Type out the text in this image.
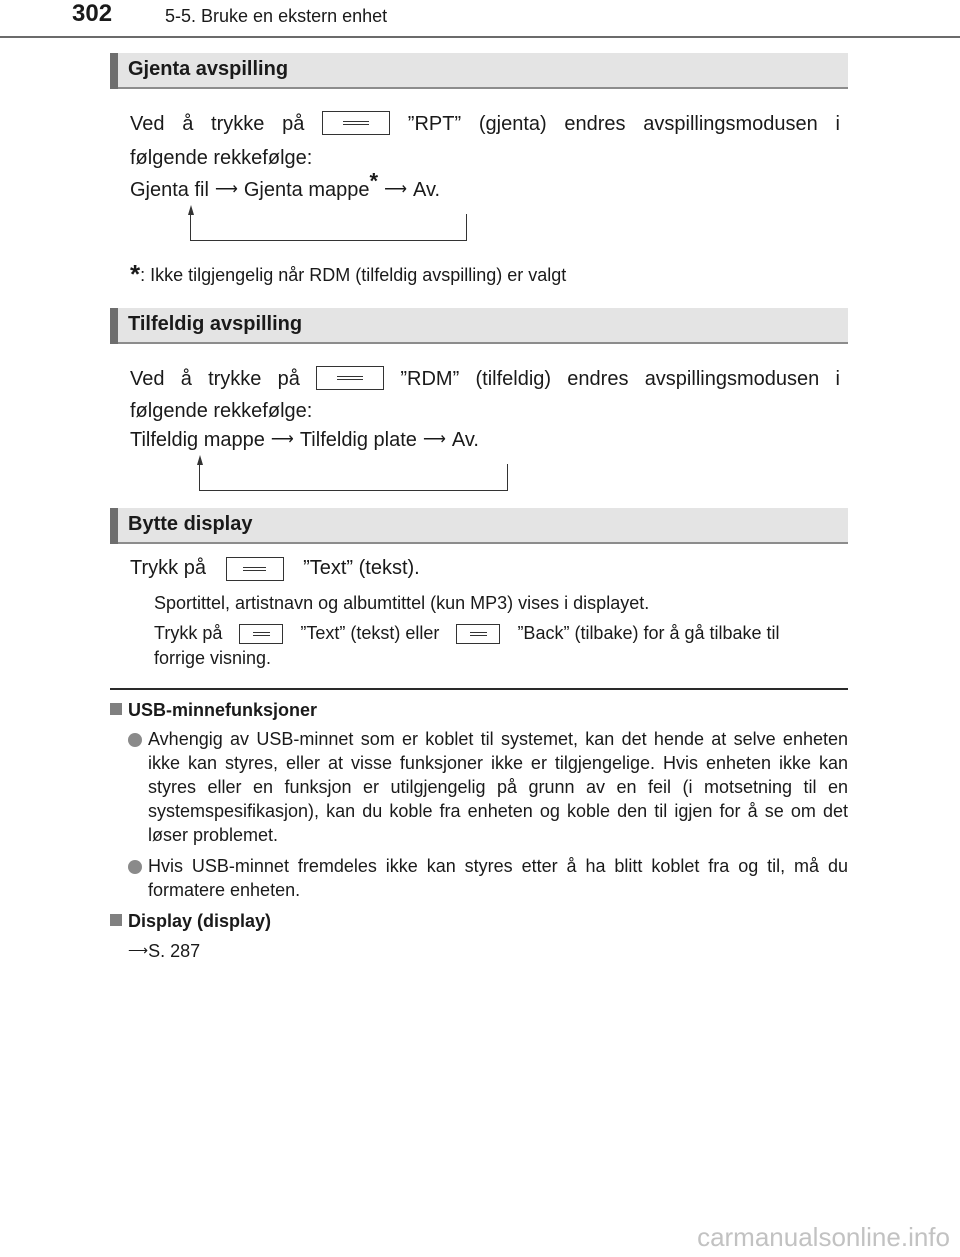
302	5-5. Bruke en ekstern enhet
Gjenta avspilling
Ved å trykke på	”RPT” (gjenta) endres avspillingsmodusen i
følgende rekkefølge:
Gjenta fil ⟶ Gjenta mappe* ⟶ Av.
*: Ikke tilgjengelig når RDM (tilfeldig avspilling) er valgt
Tilfeldig avspilling
Ved å trykke på	”RDM” (tilfeldig) endres avspillingsmodusen i
følgende rekkefølge:
Tilfeldig mappe ⟶ Tilfeldig plate ⟶ Av.
Bytte display
Trykk på	”Text” (tekst).
Sportittel, artistnavn og albumtittel (kun MP3) vises i displayet.
Trykk på	”Text” (tekst) eller	”Back” (tilbake) for å gå tilbake til
forrige visning.
USB-minnefunksjoner
Avhengig av USB-minnet som er koblet til systemet, kan det hende at selve enheten ikke kan styres, eller at visse funksjoner ikke er tilgjengelige. Hvis enheten ikke kan styres eller en funksjon er utilgjengelig på grunn av en feil (i motsetning til en systemspesifikasjon), kan du koble fra enheten og koble den til igjen for å se om det løser problemet.
Hvis USB-minnet fremdeles ikke kan styres etter å ha blitt koblet fra og til, må du formatere enheten.
Display (display)
⟶S. 287
carmanualsonline.info
